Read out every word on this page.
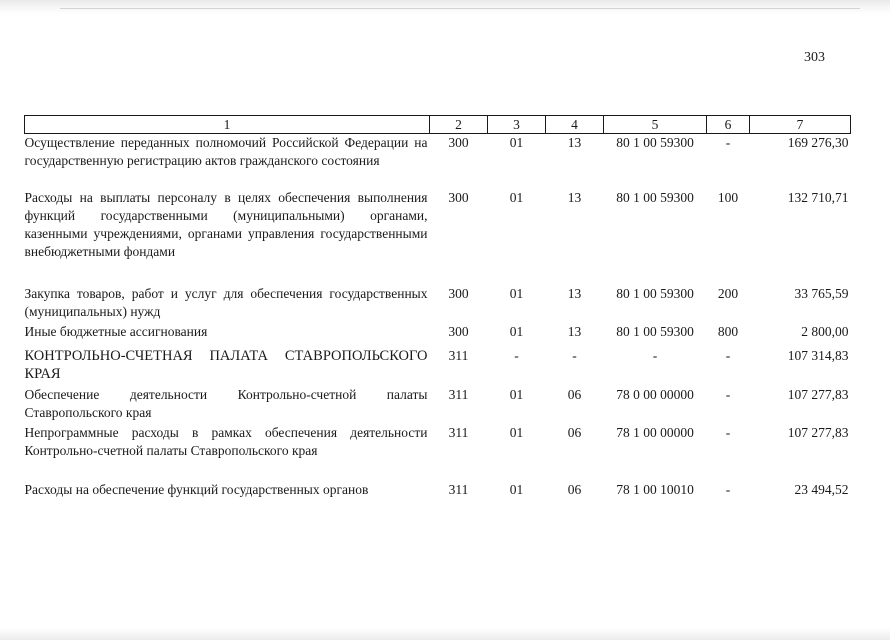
303
1	2	3	4	5	6	7
Осуществление переданных полномочий Российской Федерации на государственную регистрацию актов гражданского состояния	300	01	13	80 1 00 59300	-	169 276,30
Расходы на выплаты персоналу в целях обеспечения выполнения функций государственными (муниципальными) органами, казенными учреждениями, органами управления государственными внебюджетными фондами	300	01	13	80 1 00 59300	100	132 710,71
Закупка товаров, работ и услуг для обеспечения государственных (муниципальных) нужд	300	01	13	80 1 00 59300	200	33 765,59
Иные бюджетные ассигнования	300	01	13	80 1 00 59300	800	2 800,00
КОНТРОЛЬНО-СЧЕТНАЯ ПАЛАТА СТАВРОПОЛЬСКОГО КРАЯ	311	-	-	-	-	107 314,83
Обеспечение деятельности Контрольно-счетной палаты Ставропольского края	311	01	06	78 0 00 00000	-	107 277,83
Непрограммные расходы в рамках обеспечения деятельности Контрольно-счетной палаты Ставропольского края	311	01	06	78 1 00 00000	-	107 277,83
Расходы на обеспечение функций государственных органов	311	01	06	78 1 00 10010	-	23 494,52
